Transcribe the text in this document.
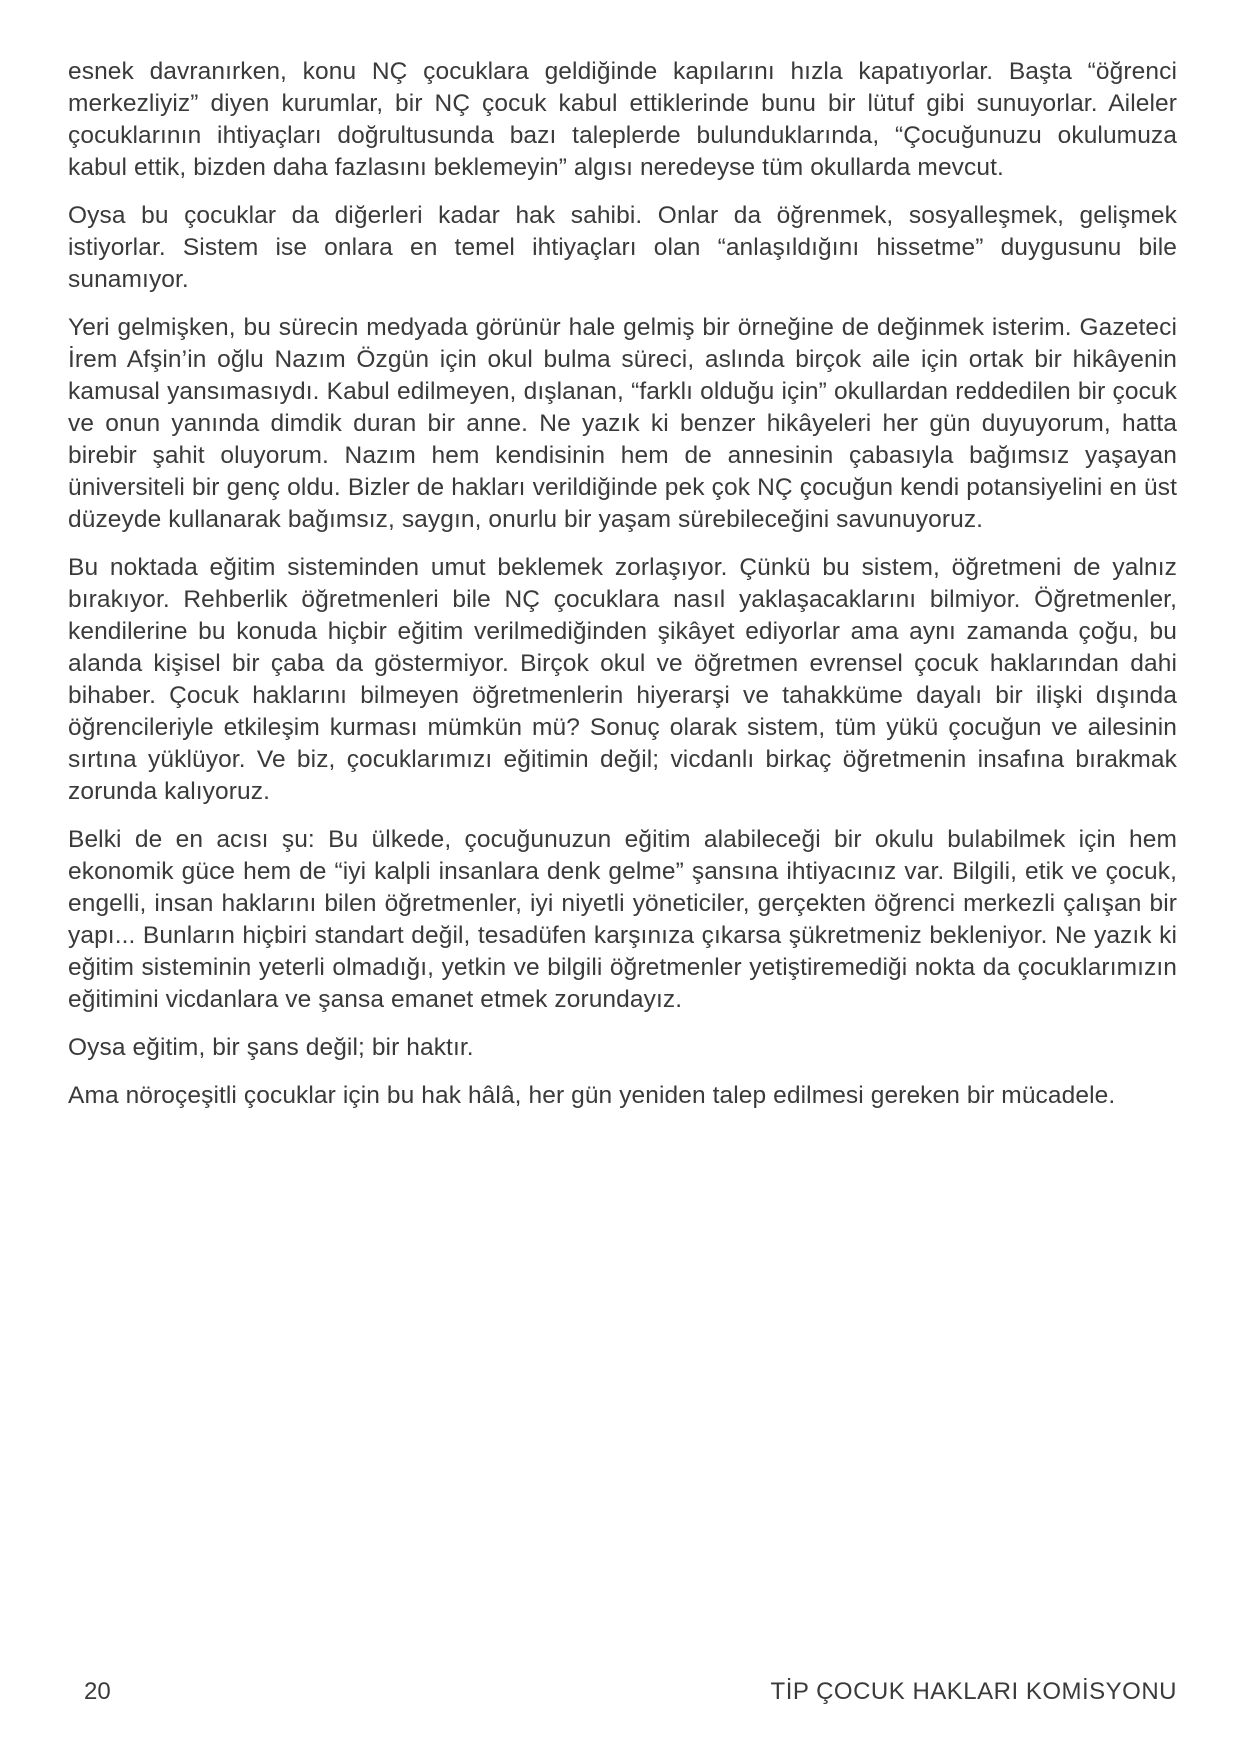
esnek davranırken, konu NÇ çocuklara geldiğinde kapılarını hızla kapatıyorlar. Başta “öğrenci merkezliyiz” diyen kurumlar, bir NÇ çocuk kabul ettiklerinde bunu bir lütuf gibi sunuyorlar. Aileler çocuklarının ihtiyaçları doğrultusunda bazı taleplerde bulunduklarında, “Çocuğunuzu okulumuza kabul ettik, bizden daha fazlasını beklemeyin” algısı neredeyse tüm okullarda mevcut.

Oysa bu çocuklar da diğerleri kadar hak sahibi. Onlar da öğrenmek, sosyalleşmek, gelişmek istiyorlar. Sistem ise onlara en temel ihtiyaçları olan “anlaşıldığını hissetme” duygusunu bile sunamıyor.

Yeri gelmişken, bu sürecin medyada görünür hale gelmiş bir örneğine de değinmek isterim. Gazeteci İrem Afşin’in oğlu Nazım Özgün için okul bulma süreci, aslında birçok aile için ortak bir hikâyenin kamusal yansımasıydı. Kabul edilmeyen, dışlanan, “farklı olduğu için” okullardan reddedilen bir çocuk ve onun yanında dimdik duran bir anne. Ne yazık ki benzer hikâyeleri her gün duyuyorum, hatta birebir şahit oluyorum. Nazım hem kendisinin hem de annesinin çabasıyla bağımsız yaşayan üniversiteli bir genç oldu. Bizler de hakları verildiğinde pek çok NÇ çocuğun kendi potansiyelini en üst düzeyde kullanarak bağımsız, saygın, onurlu bir yaşam sürebileceğini savunuyoruz.

Bu noktada eğitim sisteminden umut beklemek zorlaşıyor. Çünkü bu sistem, öğretmeni de yalnız bırakıyor. Rehberlik öğretmenleri bile NÇ çocuklara nasıl yaklaşacaklarını bilmiyor. Öğretmenler, kendilerine bu konuda hiçbir eğitim verilmediğinden şikâyet ediyorlar ama aynı zamanda çoğu, bu alanda kişisel bir çaba da göstermiyor. Birçok okul ve öğretmen evrensel çocuk haklarından dahi bihaber. Çocuk haklarını bilmeyen öğretmenlerin hiyerarşi ve tahakküme dayalı bir ilişki dışında öğrencileriyle etkileşim kurması mümkün mü? Sonuç olarak sistem, tüm yükü çocuğun ve ailesinin sırtına yüklüyor. Ve biz, çocuklarımızı eğitimin değil; vicdanlı birkaç öğretmenin insafına bırakmak zorunda kalıyoruz.

Belki de en acısı şu: Bu ülkede, çocuğunuzun eğitim alabileceği bir okulu bulabilmek için hem ekonomik güce hem de “iyi kalpli insanlara denk gelme” şansına ihtiyacınız var. Bilgili, etik ve çocuk, engelli, insan haklarını bilen öğretmenler, iyi niyetli yöneticiler, gerçekten öğrenci merkezli çalışan bir yapı... Bunların hiçbiri standart değil, tesadüfen karşınıza çıkarsa şükretmeniz bekleniyor. Ne yazık ki eğitim sisteminin yeterli olmadığı, yetkin ve bilgili öğretmenler yetiştiremediği nokta da çocuklarımızın eğitimini vicdanlara ve şansa emanet etmek zorundayız.

Oysa eğitim, bir şans değil; bir haktır.

Ama nöroçeşitli çocuklar için bu hak hâlâ, her gün yeniden talep edilmesi gereken bir mücadele.

20	TİP ÇOCUK HAKLARI KOMİSYONU
